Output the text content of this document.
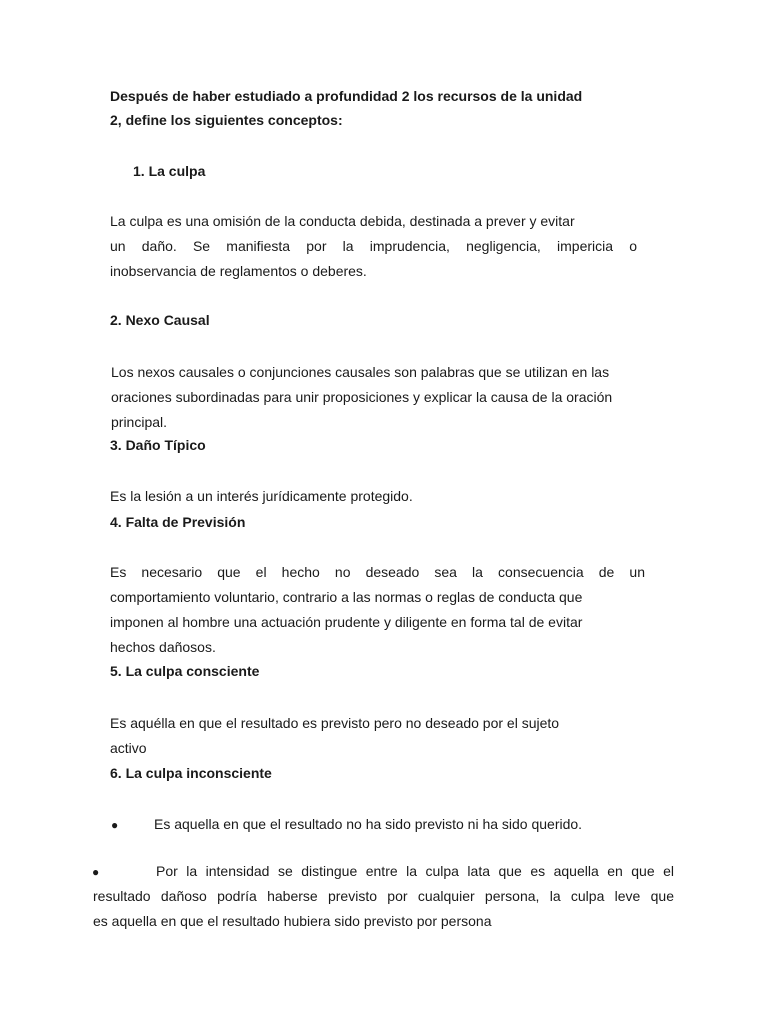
Después de haber estudiado a profundidad 2 los recursos de la unidad
2, define los siguientes conceptos:
1. La culpa
La culpa es una omisión de la conducta debida, destinada a prever y evitar
un daño. Se manifiesta por la imprudencia, negligencia, impericia o
inobservancia de reglamentos o deberes.
2. Nexo Causal
Los nexos causales o conjunciones causales son palabras que se utilizan en las
oraciones subordinadas para unir proposiciones y explicar la causa de la oración
principal.
3. Daño Típico
Es la lesión a un interés jurídicamente protegido.
4. Falta de Previsión
Es necesario que el hecho no deseado sea la consecuencia de un
comportamiento voluntario, contrario a las normas o reglas de conducta que
imponen al hombre una actuación prudente y diligente en forma tal de evitar
hechos dañosos.
5. La culpa consciente
Es aquélla en que el resultado es previsto pero no deseado por el sujeto
activo
6. La culpa inconsciente
●	Es aquella en que el resultado no ha sido previsto ni ha sido querido.
●	Por la intensidad se distingue entre la culpa lata que es aquella en que el
resultado dañoso podría haberse previsto por cualquier persona, la culpa leve que
es aquella en que el resultado hubiera sido previsto por persona
